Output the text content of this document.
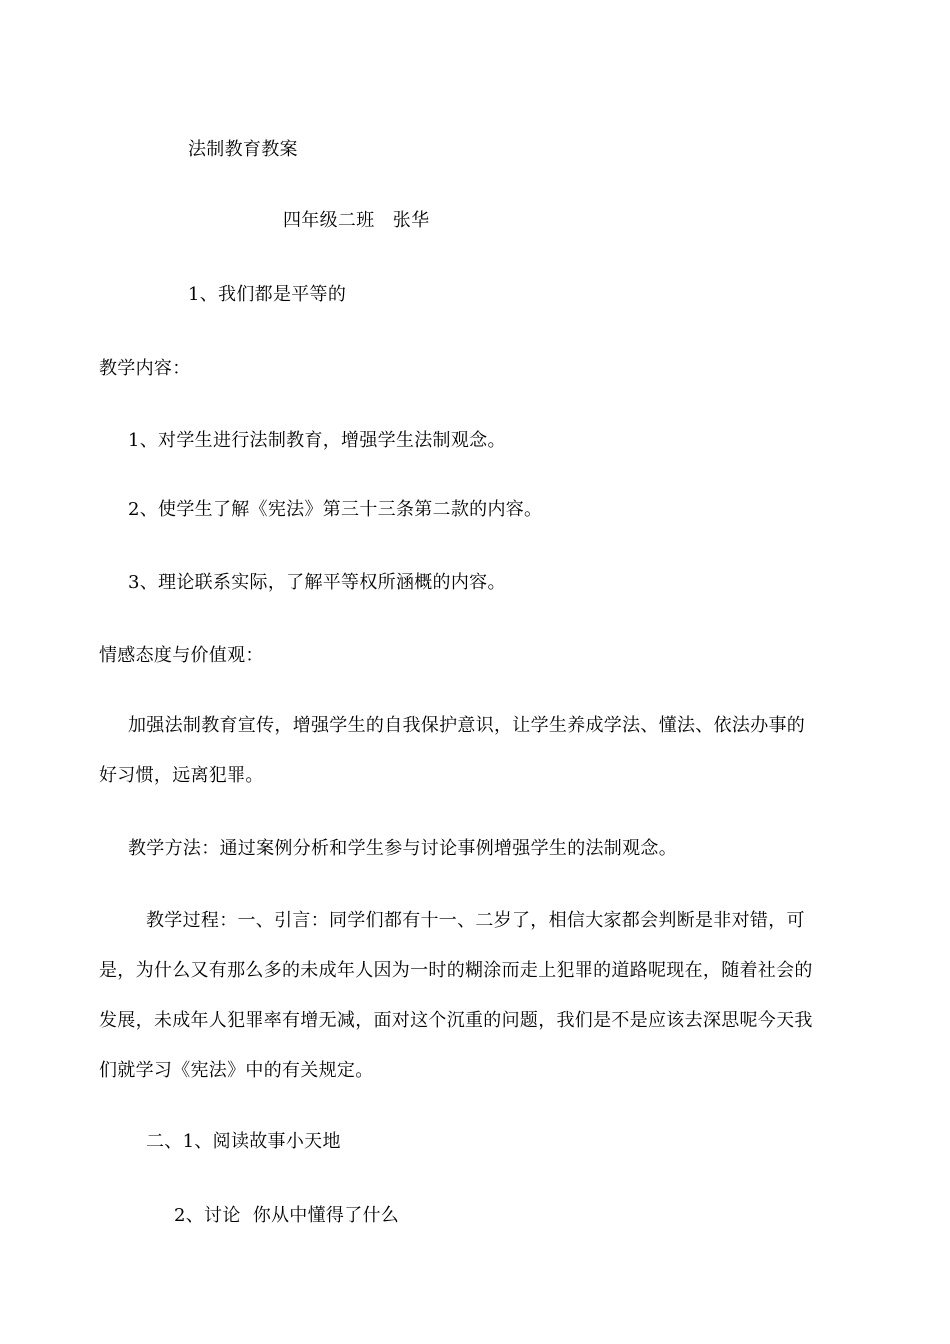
法制教育教案
四年级二班　张华
1、我们都是平等的
教学内容：
1、对学生进行法制教育，增强学生法制观念。
2、使学生了解《宪法》第三十三条第二款的内容。
3、理论联系实际，了解平等权所涵概的内容。
情感态度与价值观：
加强法制教育宣传，增强学生的自我保护意识，让学生养成学法、懂法、依法办事的
好习惯，远离犯罪。
教学方法：通过案例分析和学生参与讨论事例增强学生的法制观念。
教学过程：一、引言：同学们都有十一、二岁了，相信大家都会判断是非对错，可
是，为什么又有那么多的未成年人因为一时的糊涂而走上犯罪的道路呢现在，随着社会的
发展，未成年人犯罪率有增无减，面对这个沉重的问题，我们是不是应该去深思呢今天我
们就学习《宪法》中的有关规定。
二、1、阅读故事小天地
2、讨论  你从中懂得了什么
